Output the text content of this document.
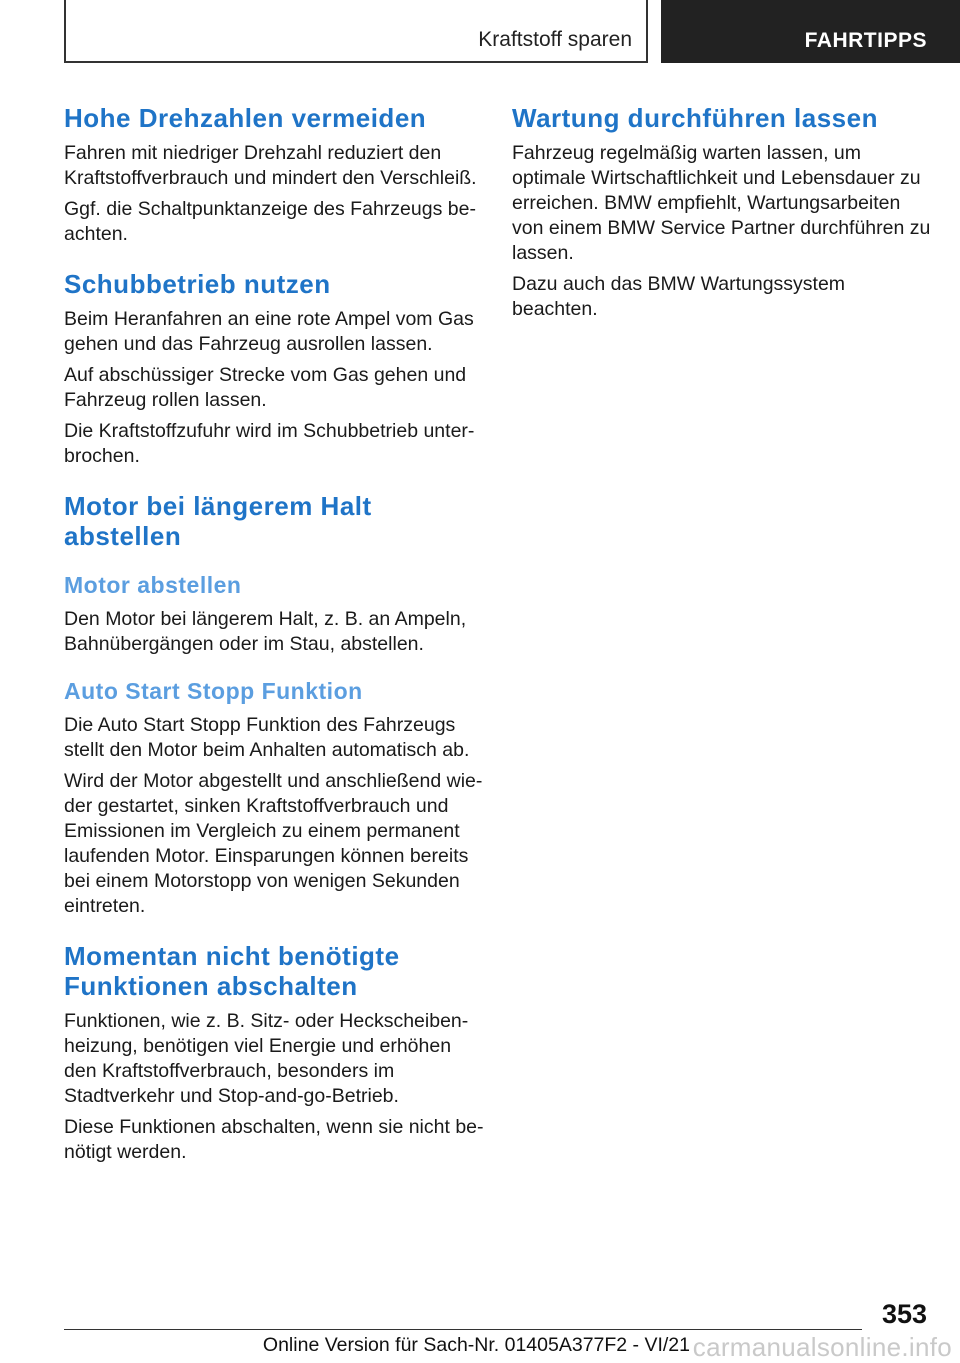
Kraftstoff sparen	FAHRTIPPS
Hohe Drehzahlen vermeiden

Fahren mit niedriger Drehzahl reduziert den Kraftstoffverbrauch und mindert den Verschleiß.

Ggf. die Schaltpunktanzeige des Fahrzeugs beachten.

Schubbetrieb nutzen

Beim Heranfahren an eine rote Ampel vom Gas gehen und das Fahrzeug ausrollen lassen.

Auf abschüssiger Strecke vom Gas gehen und Fahrzeug rollen lassen.

Die Kraftstoffzufuhr wird im Schubbetrieb unterbrochen.

Motor bei längerem Halt abstellen
Motor abstellen

Den Motor bei längerem Halt, z. B. an Ampeln, Bahnübergängen oder im Stau, abstellen.

Auto Start Stopp Funktion

Die Auto Start Stopp Funktion des Fahrzeugs stellt den Motor beim Anhalten automatisch ab.

Wird der Motor abgestellt und anschließend wieder gestartet, sinken Kraftstoffverbrauch und Emissionen im Vergleich zu einem permanent laufenden Motor. Einsparungen können bereits bei einem Motorstopp von wenigen Sekunden eintreten.

Momentan nicht benötigte Funktionen abschalten

Funktionen, wie z. B. Sitz- oder Heckscheibenheizung, benötigen viel Energie und erhöhen den Kraftstoffverbrauch, besonders im Stadtverkehr und Stop-and-go-Betrieb.

Diese Funktionen abschalten, wenn sie nicht benötigt werden.

Wartung durchführen lassen

Fahrzeug regelmäßig warten lassen, um optimale Wirtschaftlichkeit und Lebensdauer zu erreichen. BMW empfiehlt, Wartungsarbeiten von einem BMW Service Partner durchführen zu lassen.

Dazu auch das BMW Wartungssystem beachten.

353
Online Version für Sach-Nr. 01405A377F2 - VI/21 carmanualsonline.info
